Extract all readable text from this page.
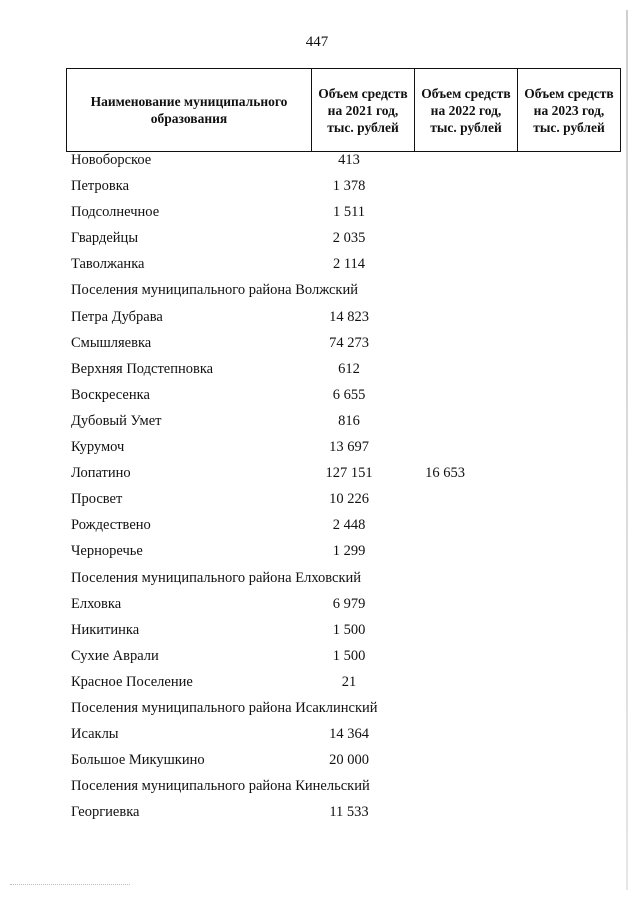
447
Наименование муниципального образования	Объем средств на 2021 год, тыс. рублей	Объем средств на 2022 год, тыс. рублей	Объем средств на 2023 год, тыс. рублей
Новоборское	413
Петровка	1 378
Подсолнечное	1 511
Гвардейцы	2 035
Таволжанка	2 114
Поселения муниципального района Волжский
Петра Дубрава	14 823
Смышляевка	74 273
Верхняя Подстепновка	612
Воскресенка	6 655
Дубовый Умет	816
Курумоч	13 697
Лопатино	127 151	16 653
Просвет	10 226
Рождествено	2 448
Черноречье	1 299
Поселения муниципального района Елховский
Елховка	6 979
Никитинка	1 500
Сухие Аврали	1 500
Красное Поселение	21
Поселения муниципального района Исаклинский
Исаклы	14 364
Большое Микушкино	20 000
Поселения муниципального района Кинельский
Георгиевка	11 533
